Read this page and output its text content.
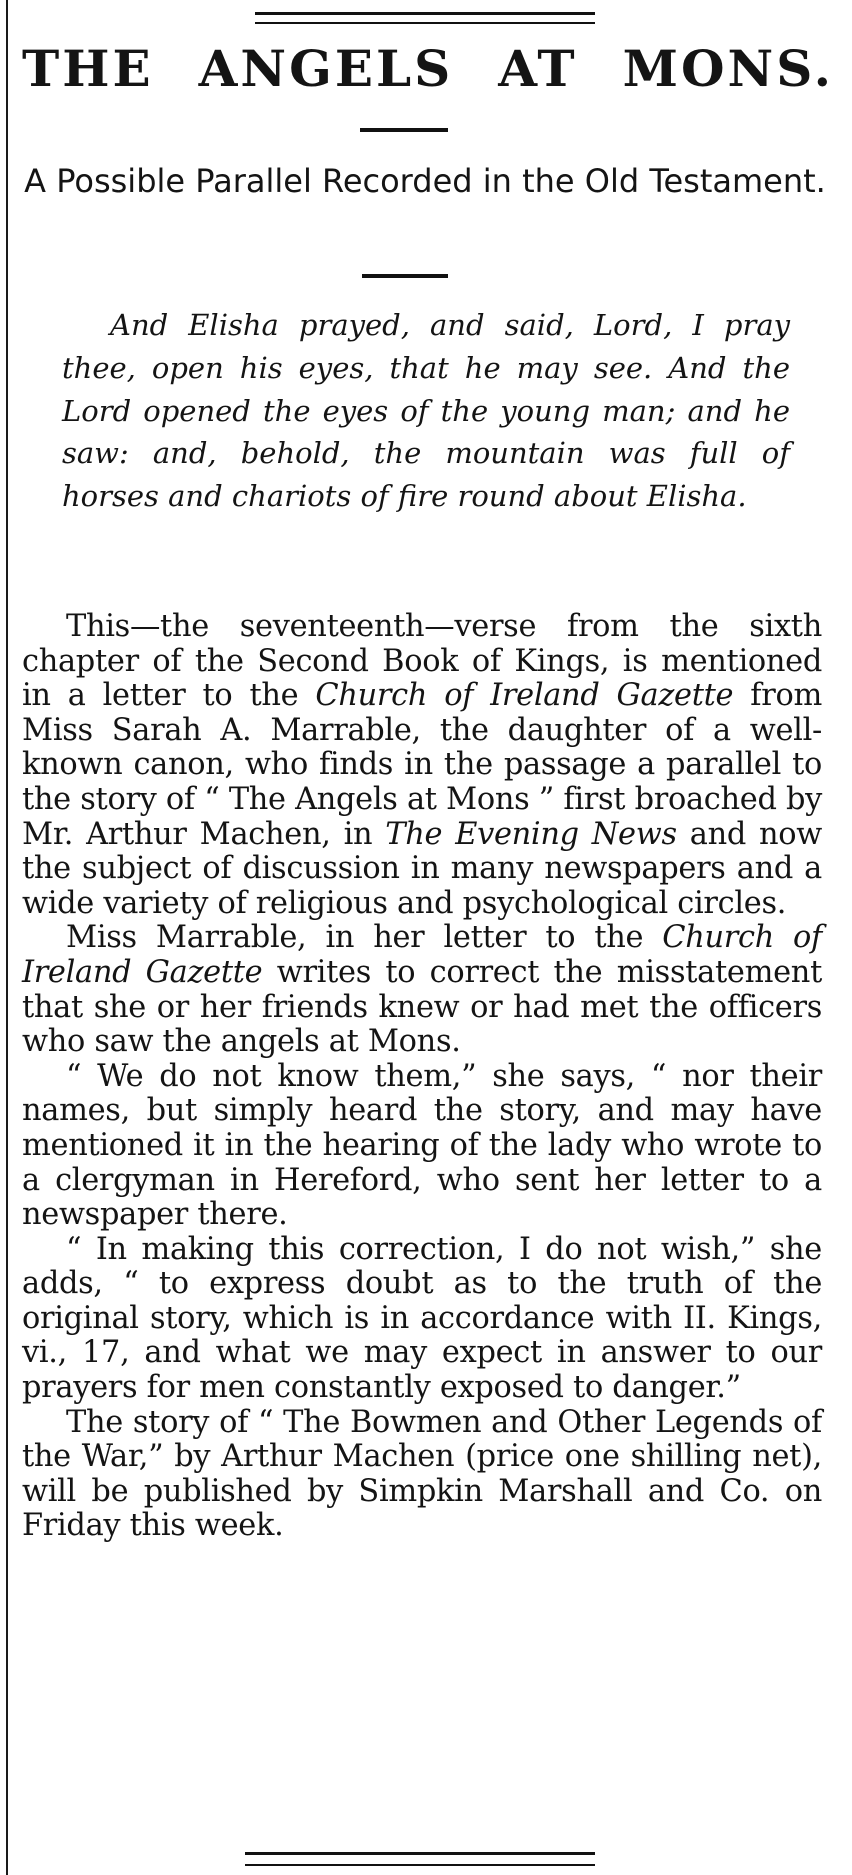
THE ANGELS AT MONS.

A Possible Parallel Recorded in the Old Testament.

And Elisha prayed, and said, Lord, I pray thee, open his eyes, that he may see. And the Lord opened the eyes of the young man; and he saw: and, behold, the mountain was full of horses and chariots of fire round about Elisha.

This—the seventeenth—verse from the sixth chapter of the Second Book of Kings, is mentioned in a letter to the Church of Ireland Gazette from Miss Sarah A. Marrable, the daughter of a well-known canon, who finds in the passage a parallel to the story of “ The Angels at Mons ” first broached by Mr. Arthur Machen, in The Evening News and now the subject of discussion in many newspapers and a wide variety of religious and psychological circles.

Miss Marrable, in her letter to the Church of Ireland Gazette writes to correct the misstatement that she or her friends knew or had met the officers who saw the angels at Mons.

“ We do not know them,” she says, “ nor their names, but simply heard the story, and may have mentioned it in the hearing of the lady who wrote to a clergyman in Hereford, who sent her letter to a newspaper there.

“ In making this correction, I do not wish,” she adds, “ to express doubt as to the truth of the original story, which is in accordance with II. Kings, vi., 17, and what we may expect in answer to our prayers for men constantly exposed to danger.”

The story of “ The Bowmen and Other Legends of the War,” by Arthur Machen (price one shilling net), will be published by Simpkin Marshall and Co. on Friday this week.
